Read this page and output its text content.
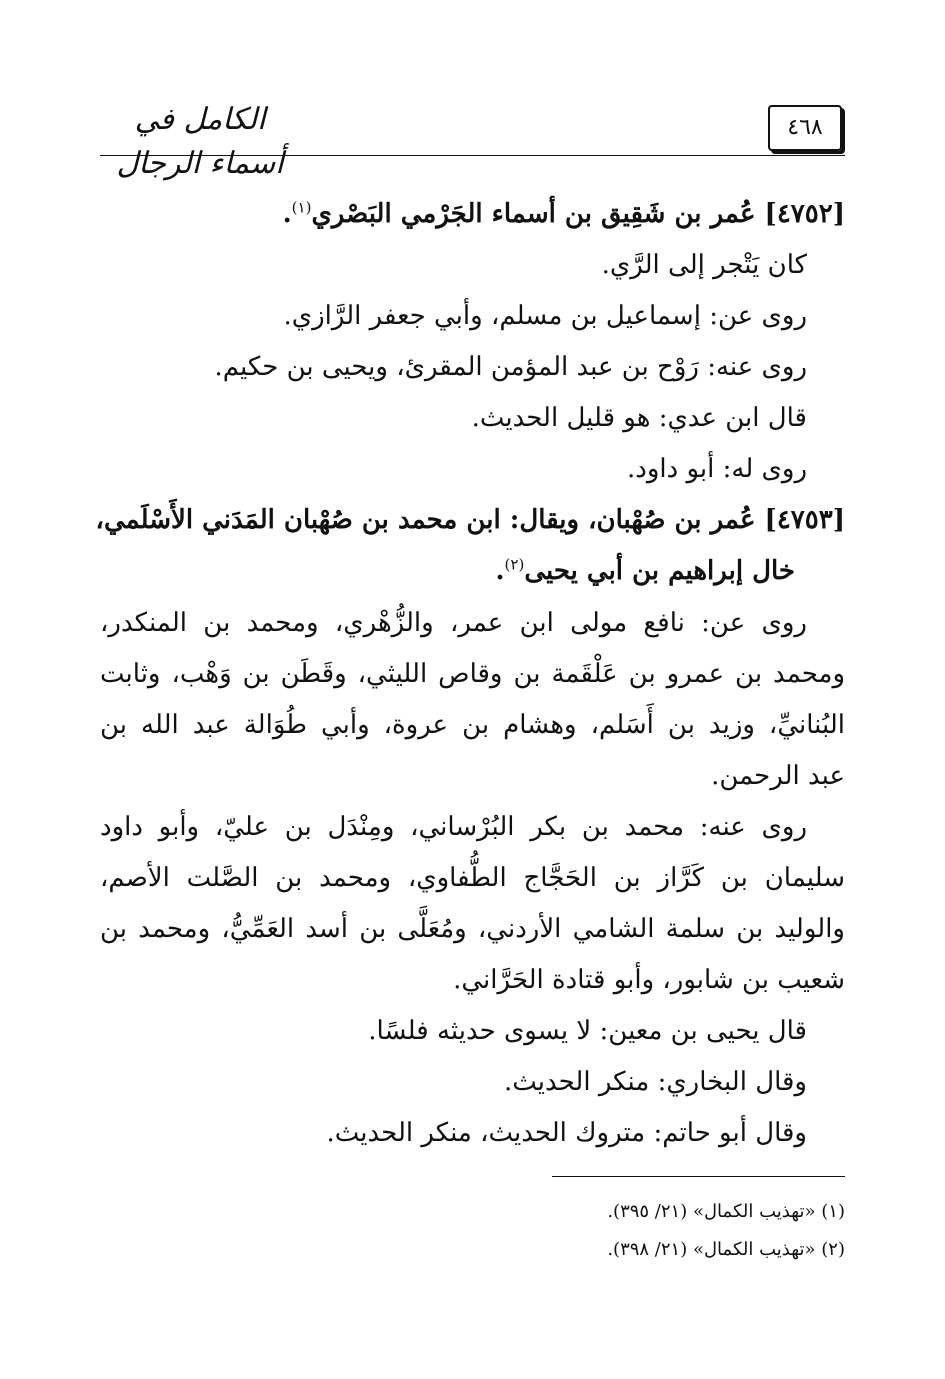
الكامل في أسماء الرجال
٤٦٨
[٤٧٥٢] عُمر بن شَقِيق بن أسماء الجَرْمي البَصْري$^{(١)}$.
كان يَتْجر إلى الرَّي.
روى عن: إسماعيل بن مسلم، وأبي جعفر الرَّازي.
روى عنه: رَوْح بن عبد المؤمن المقرئ، ويحيى بن حكيم.
قال ابن عدي: هو قليل الحديث.
روى له: أبو داود.
[٤٧٥٣] عُمر بن صُهْبان، ويقال: ابن محمد بن صُهْبان المَدَني الأَسْلَمي،
خال إبراهيم بن أبي يحيى$^{(٢)}$.
روى عن: نافع مولى ابن عمر، والزُّهْري، ومحمد بن المنكدر،
ومحمد بن عمرو بن عَلْقَمة بن وقاص الليثي، وقَطَن بن وَهْب، وثابت
البُنانيِّ، وزيد بن أَسَلم، وهشام بن عروة، وأبي طُوَالة عبد الله بن
عبد الرحمن.
روى عنه: محمد بن بكر البُرْساني، ومِنْدَل بن عليّ، وأبو داود
سليمان بن كَرَّاز بن الحَجَّاج الطُّفاوي، ومحمد بن الصَّلت الأصم،
والوليد بن سلمة الشامي الأردني، ومُعَلَّى بن أسد العَمِّيُّ، ومحمد بن
شعيب بن شابور، وأبو قتادة الحَرَّاني.
قال يحيى بن معين: لا يسوى حديثه فلسًا.
وقال البخاري: منكر الحديث.
وقال أبو حاتم: متروك الحديث، منكر الحديث.
(١) «تهذيب الكمال» (٢١/ ٣٩٥).
(٢) «تهذيب الكمال» (٢١/ ٣٩٨).
